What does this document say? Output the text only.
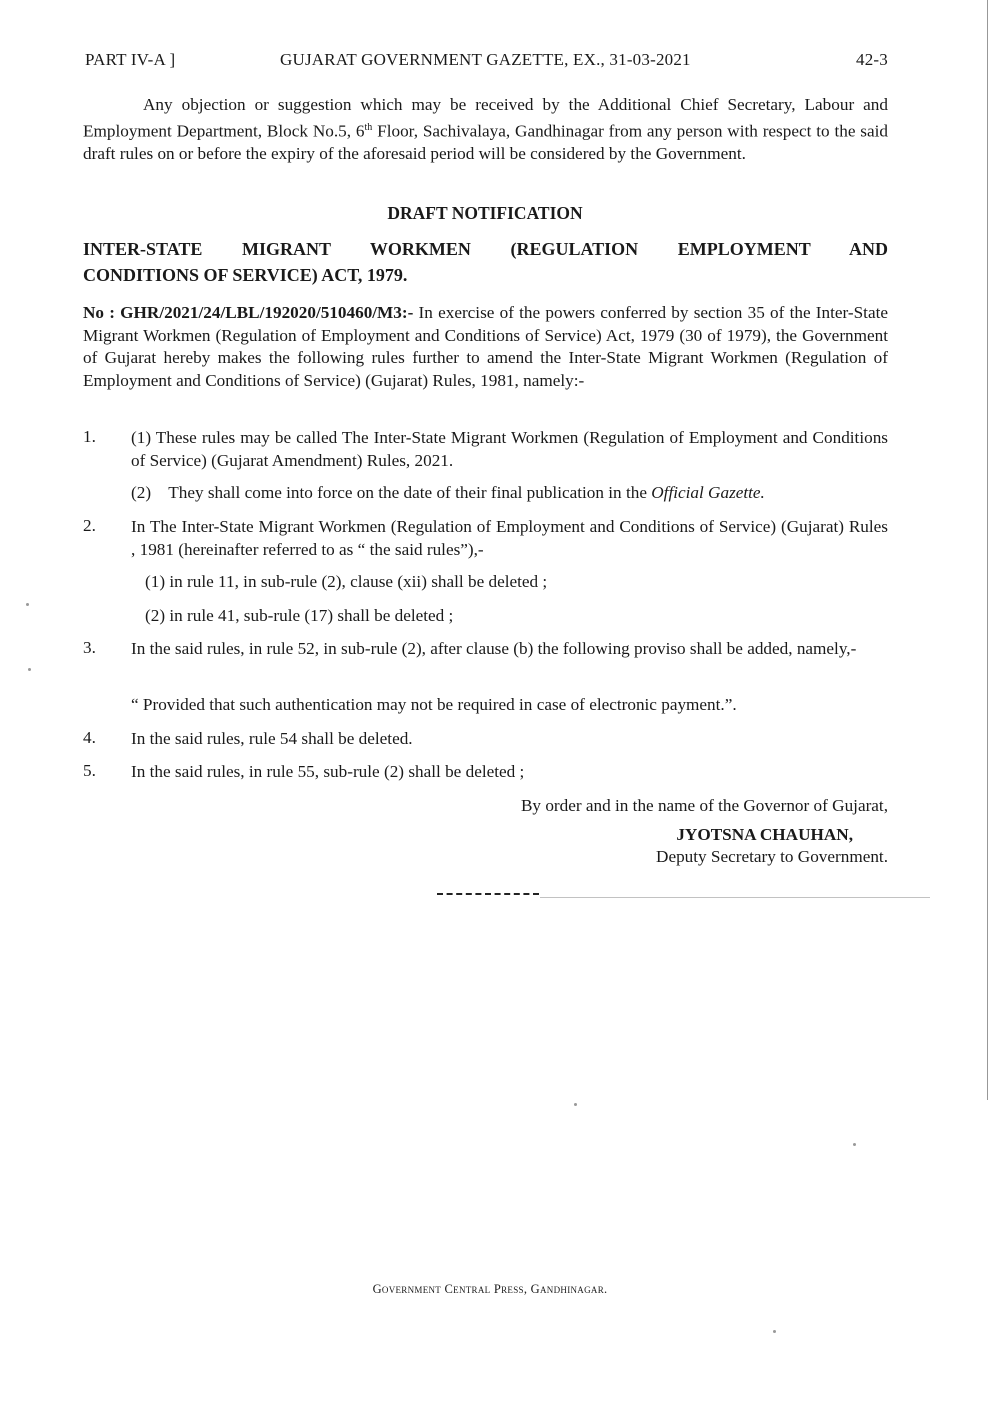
PART IV-A ]	GUJARAT GOVERNMENT GAZETTE, EX., 31-03-2021	42-3

Any objection or suggestion which may be received by the Additional Chief Secretary, Labour and Employment Department, Block No.5, 6th Floor, Sachivalaya, Gandhinagar from any person with respect to the said draft rules on or before the expiry of the aforesaid period will be considered by the Government.

DRAFT NOTIFICATION
INTER-STATE MIGRANT WORKMEN (REGULATION EMPLOYMENT AND
CONDITIONS OF SERVICE) ACT, 1979.

No : GHR/2021/24/LBL/192020/510460/M3:- In exercise of the powers conferred by section 35 of the Inter-State Migrant Workmen (Regulation of Employment and Conditions of Service) Act, 1979 (30 of 1979), the Government of Gujarat hereby makes the following rules further to amend the Inter-State Migrant Workmen (Regulation of Employment and Conditions of Service) (Gujarat) Rules, 1981, namely:-

1. (1) These rules may be called The Inter-State Migrant Workmen (Regulation of Employment and Conditions of Service) (Gujarat Amendment) Rules, 2021.

(2) They shall come into force on the date of their final publication in the Official Gazette.

2. In The Inter-State Migrant Workmen (Regulation of Employment and Conditions of Service) (Gujarat) Rules , 1981 (hereinafter referred to as “ the said rules”),-

(1) in rule 11, in sub-rule (2), clause (xii) shall be deleted ;

(2) in rule 41, sub-rule (17) shall be deleted ;

3. In the said rules, in rule 52, in sub-rule (2), after clause (b) the following proviso shall be added, namely,-

“ Provided that such authentication may not be required in case of electronic payment.”.

4. In the said rules, rule 54 shall be deleted.

5. In the said rules, in rule 55, sub-rule (2) shall be deleted ;

By order and in the name of the Governor of Gujarat,
JYOTSNA CHAUHAN,
Deputy Secretary to Government.
Government Central Press, Gandhinagar.
